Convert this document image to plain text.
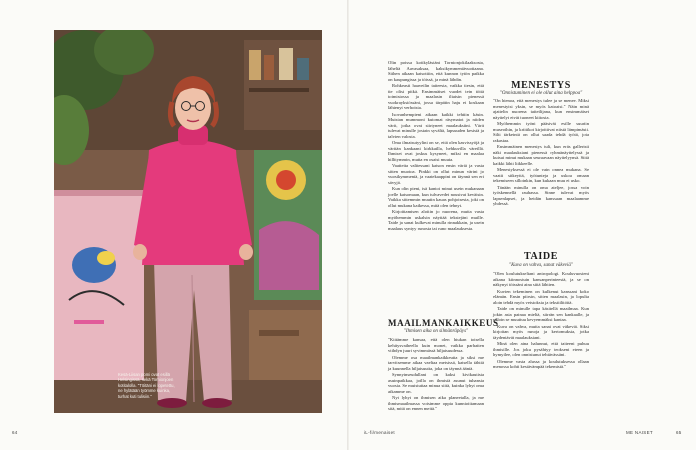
Kesä-Liisan pomi ovat esillä Helsingissä, sekä Tornionjoen kotitalolla. "Töitäni ei lopetettu, ne hylätään työmme kuinka, turhat kuti tulisiin."

Olin poissa kotikylästäni Tornionjokilaaksosta, läheltä Aavasaksaa, kaksikymmentävuotiaana. Siihen aikaan katsottiin, että kunnon tytön paikka on kaupungissa ja töissä, ja minä lähdin.

Rohkeasti haaveilin taiteesta, vaikka tiesin, että tie olisi pitkä. Ensimmäiset vuodet tein töitä toimistossa ja maalasin iltaisin pienessä vuokrayksiössäni, jossa tärpätin haju ei koskaan lähtenyt verhoista.

Isovanhempieni aikaan kaikki tehtiin käsin. Muistan mummoni kutomat räsymatot ja niiden värit, jotka ovat siirtyneet maalauksiini. Värit tulevat minulle jostain syvältä, lapsuuden kesistä ja talvien valosta.

Oma ilmaisutyylini on se, että olen kasvissyöjä ja väritän kankaani kirkkailla, hehkuvilla väreillä. Ihmiset ovat joskus kysyneet, miksi en maalaa hillitymmin, mutta en osaisi muuta.

Vaatteita valitessani katson ensin väriä ja vasta sitten muotoa. Pinkki on ollut minun värini jo vuosikymmeniä, ja vaatekaappini on täynnä sen eri sävyjä.

Kun olin pieni, isä kantoi minut usein mukanaan joelle katsomaan, kun tulvavedet nousivat keväisin. Vaikka sittemmin muutin kauas pohjoisesta, joki on ollut mukana kaikessa, mitä olen tehnyt.

Kirjoittamisen aloitin jo nuorena, mutta vasta myöhemmin uskalsin näyttää tekstejäni muille. Taide ja sanat kulkevat minulla rinnakkain, ja usein maalaus syntyy runosta tai runo maalauksesta.

MENESTYS
"Onnistuminen ei ole ollut aina helppoa"

"On hienoa, että menestys tulee ja se menee. Miksi menestyisi yksin, se myös katoaisi." Näin minä ajattelin nuorena taiteilijana, kun ensimmäiset näyttelyt eivät tuoneet kiitosta.

Myöhemmin työni pääsivät esille suuriin museoihin, ja kriitikot kirjoittivat niistä lämpimästi. Silti tärkeintä on ollut saada tehdä työtä, jota rakastaa.

Ensimmäinen menestys tuli, kun eräs galleristi näki maalauksiani pienessä ryhmänäyttelyssä ja kutsui minut mukaan seuraavaan näyttelyynsä. Siitä kaikki lähti liikkeelle.

Menestyksessä ei ole vain onnea mukana. Se vaatii sitkeyttä, työtunteja ja uskoa omaan tekemiseen silloinkin, kun kukaan muu ei usko.

Tänään minulla on oma ateljee, jossa voin työskennellä rauhassa. Sinne tulevat myös lapsenlapset, ja heidän kanssaan maalaamme yhdessä.

TAIDE
"Kuva on vahva, sanat väkeviä"

"Olen koulutukseltani antropologi. Kouluvuosieni aikana kiinnostuin kansanperinteestä, ja se on näkynyt töissäni aina siitä lähtien.

Kuvien tekeminen on kulkenut kanssani koko elämän. Ensin piirsin, sitten maalasin, ja lopulta aloin tehdä myös veistoksia ja tekstiilitöitä.

Taide on minulle tapa käsitellä maailmaa. Kun jokin asia painaa mieltä, siirrän sen kankaalle, ja silloin se muuttuu kevyemmäksi kantaa.

Kuva on vahva, mutta sanat ovat väkeviä. Siksi kirjoitan myös runoja ja kertomuksia, jotka täydentävät maalauksiani.

Minä olen aina halunnut, että taiteeni puhuu ihmisille. Jos joku pysähtyy teokseni eteen ja hymyilee, olen onnistunut tehtävässäni.

Olemme vasta alussa ja koulutuksessa ollaan menossa kohti kestävämpää tekemistä."

MAAILMANKAIKKEUS
"Ihmisen aika on silmänräpäys"

"Kiitämme kansaa, että olen hiukan toisella kehitysvaiheella kuin monet, vaikka parhaiten viihdyn juuri syvimmässä hiljaisuudessa.

Olemme osa maailmankaikkeutta ja siksi me tarvitsemme aikaa vaeltaa metsissä, katsella tähtiä ja kuunnella hiljaisuutta, joka on täynnä ääniä.

Synnyinseudullani on kaksi kivikautista asuinpaikkaa, joilla on ihmisiä asunut tuhansia vuosia. Se muistuttaa minua siitä, kuinka lyhyt oma aikamme on.

Nyt lyhyt on ihmisen aika planeetalla, ja me ihmismaailmassa voisimme oppia kunnioittamaan sitä, mitä on ennen meitä."

64	iL-fi/menaiset	ME NAISET	65
